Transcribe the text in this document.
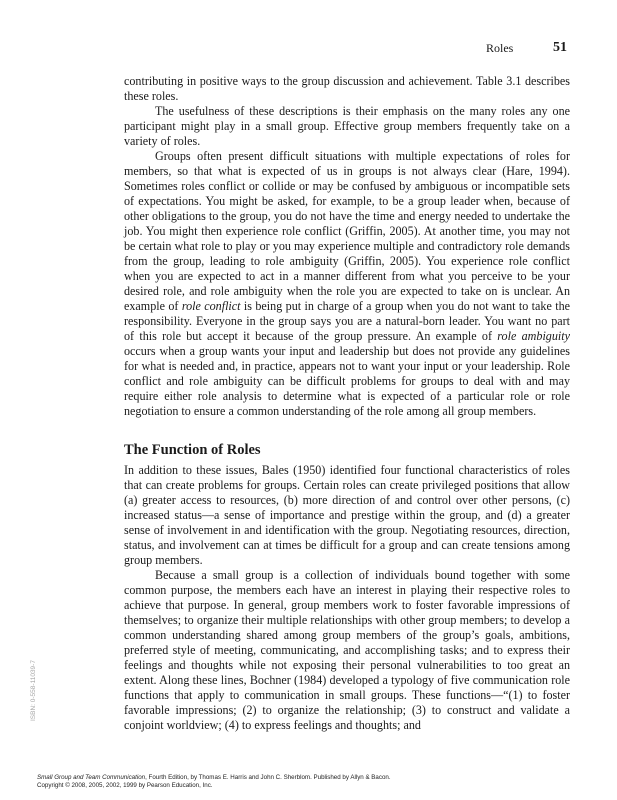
Roles	51

contributing in positive ways to the group discussion and achievement. Table 3.1 describes these roles.

The usefulness of these descriptions is their emphasis on the many roles any one participant might play in a small group. Effective group members frequently take on a variety of roles.

Groups often present difficult situations with multiple expectations of roles for members, so that what is expected of us in groups is not always clear (Hare, 1994). Sometimes roles conflict or collide or may be confused by ambiguous or incompatible sets of expectations. You might be asked, for example, to be a group leader when, because of other obligations to the group, you do not have the time and energy needed to undertake the job. You might then experience role conflict (Griffin, 2005). At another time, you may not be certain what role to play or you may experience multiple and contradictory role demands from the group, leading to role ambiguity (Griffin, 2005). You experience role conflict when you are expected to act in a manner different from what you perceive to be your desired role, and role ambiguity when the role you are expected to take on is unclear. An example of role conflict is being put in charge of a group when you do not want to take the responsibility. Everyone in the group says you are a natural-born leader. You want no part of this role but accept it because of the group pressure. An example of role ambiguity occurs when a group wants your input and leadership but does not provide any guidelines for what is needed and, in practice, appears not to want your input or your leadership. Role conflict and role ambiguity can be difficult problems for groups to deal with and may require either role analysis to determine what is expected of a particular role or role negotiation to ensure a common understanding of the role among all group members.

The Function of Roles

In addition to these issues, Bales (1950) identified four functional characteristics of roles that can create problems for groups. Certain roles can create privileged positions that allow (a) greater access to resources, (b) more direction of and control over other persons, (c) increased status—a sense of importance and prestige within the group, and (d) a greater sense of involvement in and identification with the group. Negotiating resources, direction, status, and involvement can at times be difficult for a group and can create tensions among group members.

Because a small group is a collection of individuals bound together with some common purpose, the members each have an interest in playing their respective roles to achieve that purpose. In general, group members work to foster favorable impressions of themselves; to organize their multiple relationships with other group members; to develop a common understanding shared among group members of the group’s goals, ambitions, preferred style of meeting, communicating, and accomplishing tasks; and to express their feelings and thoughts while not exposing their personal vulnerabilities to too great an extent. Along these lines, Bochner (1984) developed a typology of five communication role functions that apply to communication in small groups. These functions—“(1) to foster favorable impressions; (2) to organize the relationship; (3) to construct and validate a conjoint worldview; (4) to express feelings and thoughts; and

ISBN: 0-558-11039-7
Small Group and Team Communication, Fourth Edition, by Thomas E. Harris and John C. Sherblom. Published by Allyn & Bacon.
Copyright © 2008, 2005, 2002, 1999 by Pearson Education, Inc.
